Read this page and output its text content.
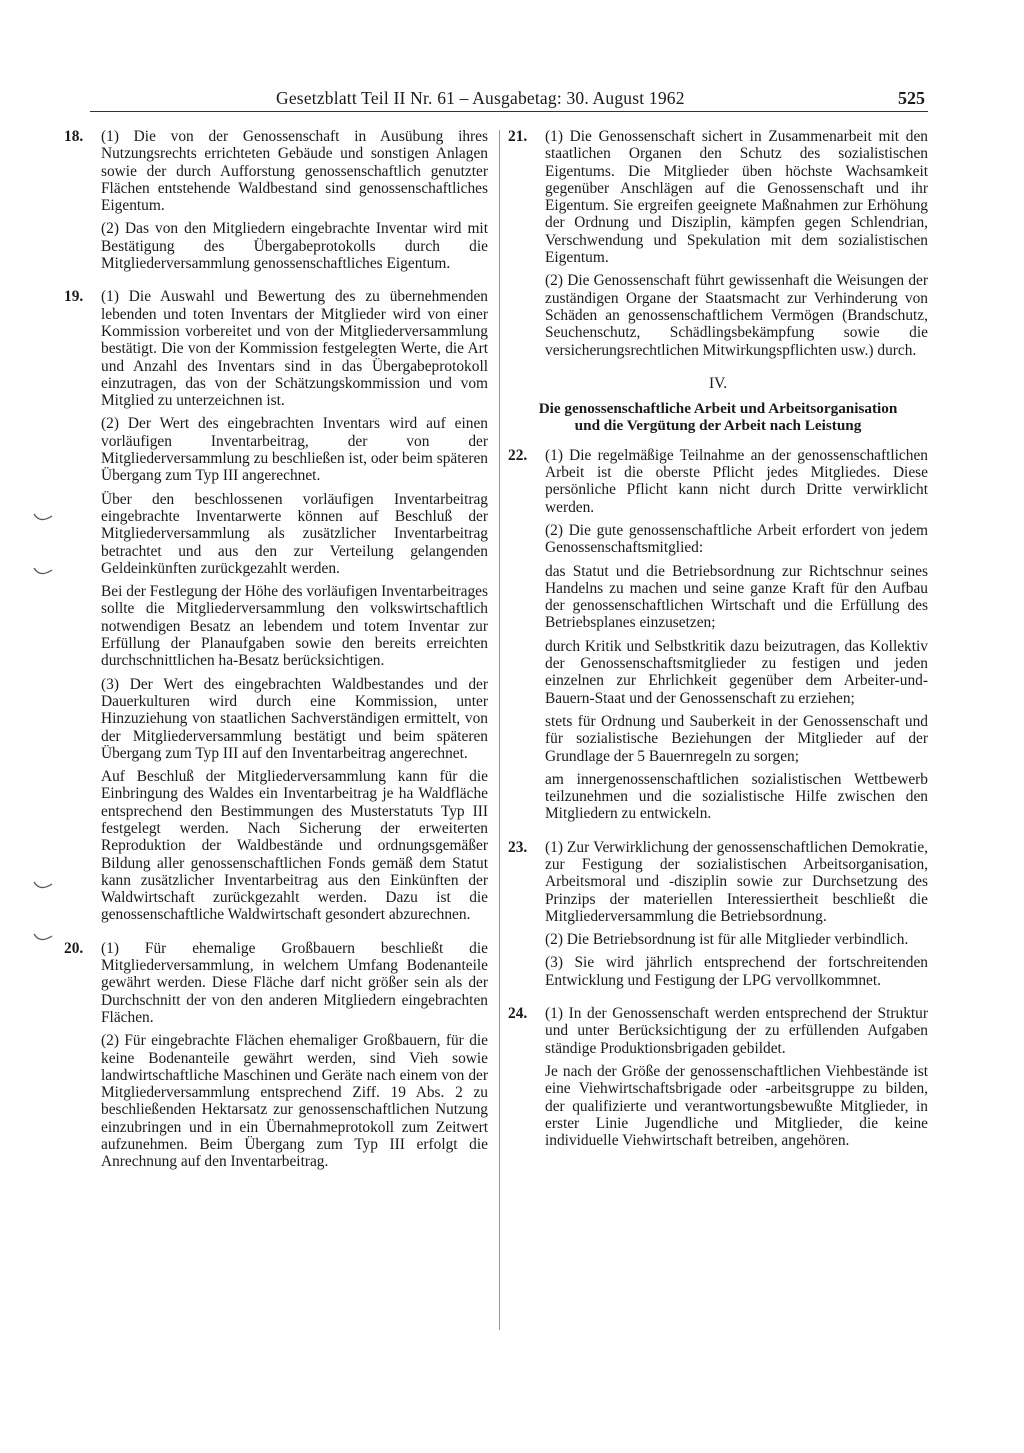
Gesetzblatt Teil II Nr. 61 – Ausgabetag: 30. August 1962	525
18. (1) Die von der Genossenschaft in Ausübung ihres Nutzungsrechts errichteten Gebäude und sonstigen Anlagen sowie der durch Aufforstung genossenschaftlich genutzter Flächen entstehende Waldbestand sind genossenschaftliches Eigentum.

(2) Das von den Mitgliedern eingebrachte Inventar wird mit Bestätigung des Übergabeprotokolls durch die Mitgliederversammlung genossenschaftliches Eigentum.

19. (1) Die Auswahl und Bewertung des zu übernehmenden lebenden und toten Inventars der Mitglieder wird von einer Kommission vorbereitet und von der Mitgliederversammlung bestätigt. Die von der Kommission festgelegten Werte, die Art und Anzahl des Inventars sind in das Übergabeprotokoll einzutragen, das von der Schätzungskommission und vom Mitglied zu unterzeichnen ist.

(2) Der Wert des eingebrachten Inventars wird auf einen vorläufigen Inventarbeitrag, der von der Mitgliederversammlung zu beschließen ist, oder beim späteren Übergang zum Typ III angerechnet.

Über den beschlossenen vorläufigen Inventarbeitrag eingebrachte Inventarwerte können auf Beschluß der Mitgliederversammlung als zusätzlicher Inventarbeitrag betrachtet und aus den zur Verteilung gelangenden Geldeinkünften zurückgezahlt werden.

Bei der Festlegung der Höhe des vorläufigen Inventarbeitrages sollte die Mitgliederversammlung den volkswirtschaftlich notwendigen Besatz an lebendem und totem Inventar zur Erfüllung der Planaufgaben sowie den bereits erreichten durchschnittlichen ha-Besatz berücksichtigen.

(3) Der Wert des eingebrachten Waldbestandes und der Dauerkulturen wird durch eine Kommission, unter Hinzuziehung von staatlichen Sachverständigen ermittelt, von der Mitgliederversammlung bestätigt und beim späteren Übergang zum Typ III auf den Inventarbeitrag angerechnet.

Auf Beschluß der Mitgliederversammlung kann für die Einbringung des Waldes ein Inventarbeitrag je ha Waldfläche entsprechend den Bestimmungen des Musterstatuts Typ III festgelegt werden. Nach Sicherung der erweiterten Reproduktion der Waldbestände und ordnungsgemäßer Bildung aller genossenschaftlichen Fonds gemäß dem Statut kann zusätzlicher Inventarbeitrag aus den Einkünften der Waldwirtschaft zurückgezahlt werden. Dazu ist die genossenschaftliche Waldwirtschaft gesondert abzurechnen.

20. (1) Für ehemalige Großbauern beschließt die Mitgliederversammlung, in welchem Umfang Bodenanteile gewährt werden. Diese Fläche darf nicht größer sein als der Durchschnitt der von den anderen Mitgliedern eingebrachten Flächen.

(2) Für eingebrachte Flächen ehemaliger Großbauern, für die keine Bodenanteile gewährt werden, sind Vieh sowie landwirtschaftliche Maschinen und Geräte nach einem von der Mitgliederversammlung entsprechend Ziff. 19 Abs. 2 zu beschließenden Hektarsatz zur genossenschaftlichen Nutzung einzubringen und in ein Übernahmeprotokoll zum Zeitwert aufzunehmen. Beim Übergang zum Typ III erfolgt die Anrechnung auf den Inventarbeitrag.

21. (1) Die Genossenschaft sichert in Zusammenarbeit mit den staatlichen Organen den Schutz des sozialistischen Eigentums. Die Mitglieder üben höchste Wachsamkeit gegenüber Anschlägen auf die Genossenschaft und ihr Eigentum. Sie ergreifen geeignete Maßnahmen zur Erhöhung der Ordnung und Disziplin, kämpfen gegen Schlendrian, Verschwendung und Spekulation mit dem sozialistischen Eigentum.

(2) Die Genossenschaft führt gewissenhaft die Weisungen der zuständigen Organe der Staatsmacht zur Verhinderung von Schäden an genossenschaftlichem Vermögen (Brandschutz, Seuchenschutz, Schädlingsbekämpfung sowie die versicherungsrechtlichen Mitwirkungspflichten usw.) durch.

IV.

Die genossenschaftliche Arbeit und Arbeitsorganisation
und die Vergütung der Arbeit nach Leistung

22. (1) Die regelmäßige Teilnahme an der genossenschaftlichen Arbeit ist die oberste Pflicht jedes Mitgliedes. Diese persönliche Pflicht kann nicht durch Dritte verwirklicht werden.

(2) Die gute genossenschaftliche Arbeit erfordert von jedem Genossenschaftsmitglied:

das Statut und die Betriebsordnung zur Richtschnur seines Handelns zu machen und seine ganze Kraft für den Aufbau der genossenschaftlichen Wirtschaft und die Erfüllung des Betriebsplanes einzusetzen;

durch Kritik und Selbstkritik dazu beizutragen, das Kollektiv der Genossenschaftsmitglieder zu festigen und jeden einzelnen zur Ehrlichkeit gegenüber dem Arbeiter-und-Bauern-Staat und der Genossenschaft zu erziehen;

stets für Ordnung und Sauberkeit in der Genossenschaft und für sozialistische Beziehungen der Mitglieder auf der Grundlage der 5 Bauernregeln zu sorgen;

am innergenossenschaftlichen sozialistischen Wettbewerb teilzunehmen und die sozialistische Hilfe zwischen den Mitgliedern zu entwickeln.

23. (1) Zur Verwirklichung der genossenschaftlichen Demokratie, zur Festigung der sozialistischen Arbeitsorganisation, Arbeitsmoral und -disziplin sowie zur Durchsetzung des Prinzips der materiellen Interessiertheit beschließt die Mitgliederversammlung die Betriebsordnung.

(2) Die Betriebsordnung ist für alle Mitglieder verbindlich.

(3) Sie wird jährlich entsprechend der fortschreitenden Entwicklung und Festigung der LPG vervollkommnet.

24. (1) In der Genossenschaft werden entsprechend der Struktur und unter Berücksichtigung der zu erfüllenden Aufgaben ständige Produktionsbrigaden gebildet.

Je nach der Größe der genossenschaftlichen Viehbestände ist eine Viehwirtschaftsbrigade oder -arbeitsgruppe zu bilden, der qualifizierte und verantwortungsbewußte Mitglieder, in erster Linie Jugendliche und Mitglieder, die keine individuelle Viehwirtschaft betreiben, angehören.
